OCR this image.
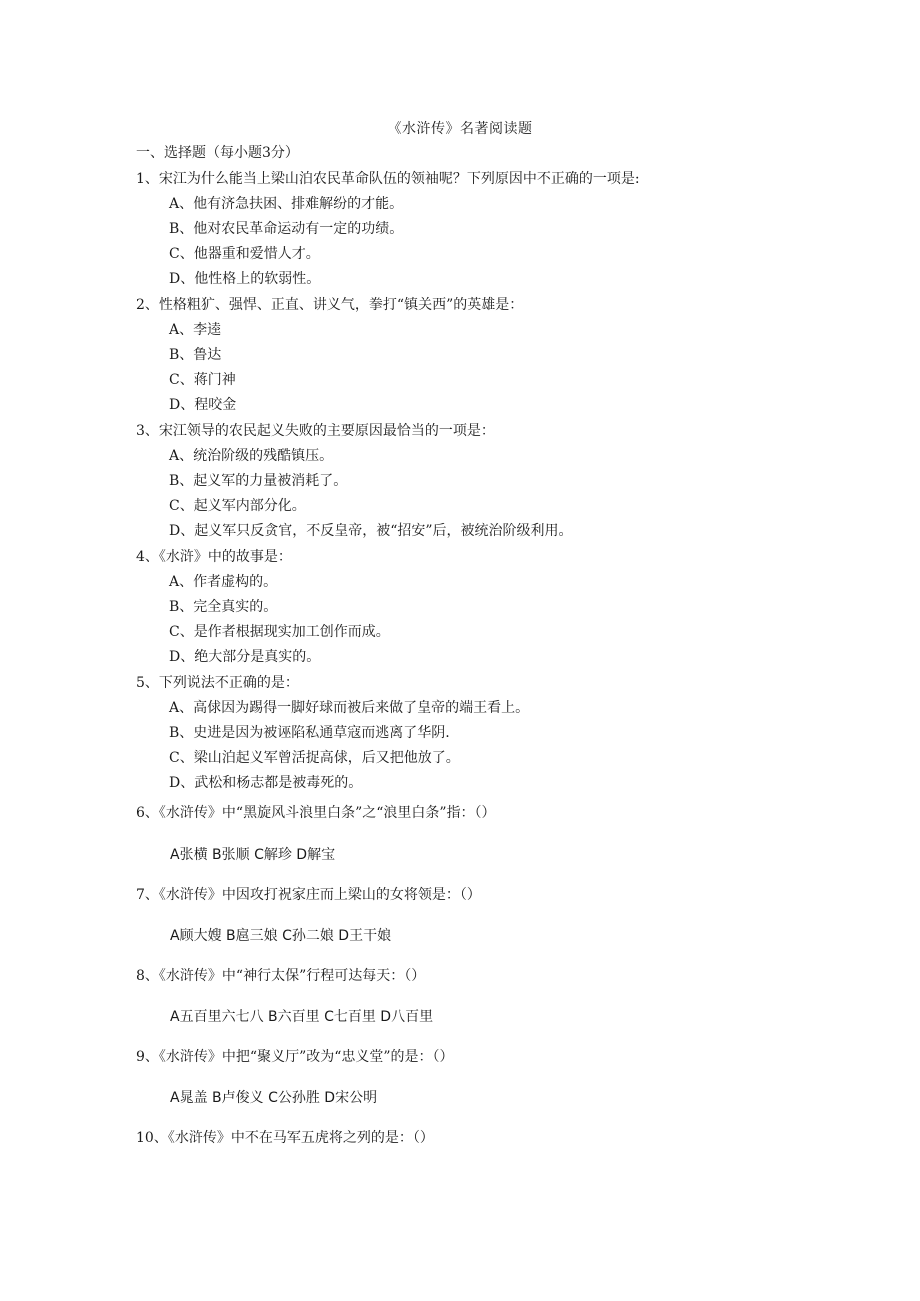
《水浒传》名著阅读题
一、选择题（每小题3分）
1、宋江为什么能当上梁山泊农民革命队伍的领袖呢？下列原因中不正确的一项是:
A、他有济急扶困、排难解纷的才能。
B、他对农民革命运动有一定的功绩。
C、他器重和爱惜人才。
D、他性格上的软弱性。
2、性格粗犷、强悍、正直、讲义气，拳打“镇关西”的英雄是：
A、李逵
B、鲁达
C、蒋门神
D、程咬金
3、宋江领导的农民起义失败的主要原因最恰当的一项是：
A、统治阶级的残酷镇压。
B、起义军的力量被消耗了。
C、起义军内部分化。
D、起义军只反贪官，不反皇帝，被“招安”后，被统治阶级利用。
4、《水浒》中的故事是：
A、作者虚构的。
B、完全真实的。
C、是作者根据现实加工创作而成。
D、绝大部分是真实的。
5、下列说法不正确的是：
A、高俅因为踢得一脚好球而被后来做了皇帝的端王看上。
B、史进是因为被诬陷私通草寇而逃离了华阴.
C、梁山泊起义军曾活捉高俅，后又把他放了。
D、武松和杨志都是被毒死的。
6、《水浒传》中“黑旋风斗浪里白条”之“浪里白条”指：（）
A张横 B张顺 C解珍 D解宝
7、《水浒传》中因攻打祝家庄而上梁山的女将领是：（）
A顾大嫂 B扈三娘 C孙二娘 D王干娘
8、《水浒传》中“神行太保”行程可达每天：（）
A五百里六七八 B六百里 C七百里 D八百里
9、《水浒传》中把“聚义厅”改为“忠义堂”的是：（）
A晁盖 B卢俊义 C公孙胜 D宋公明
10、《水浒传》中不在马军五虎将之列的是：（）
